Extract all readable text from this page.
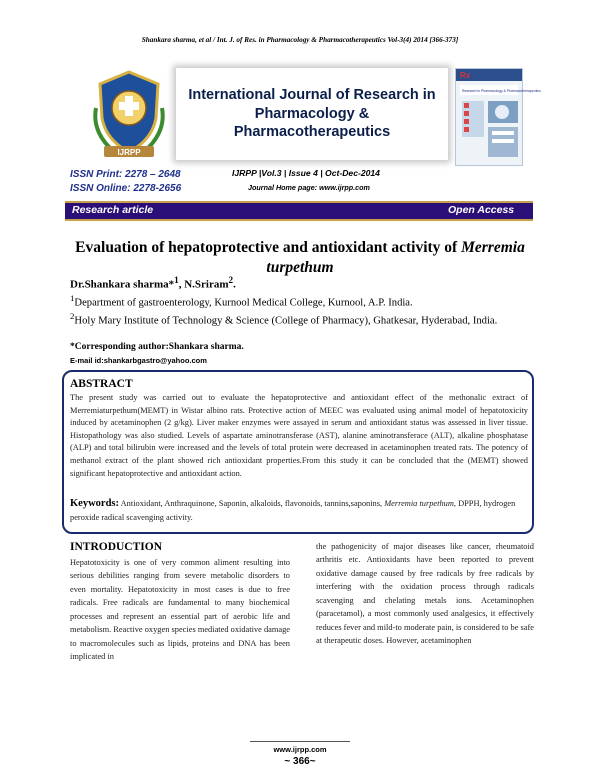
Shankara sharma, et al / Int. J. of Res. in Pharmacology & Pharmacotherapeutics Vol-3(4) 2014 [366-373]
IJRPP
International Journal of Research in Pharmacology & Pharmacotherapeutics
Rx
Research in Pharmacology & Pharmacotherapeutics
ISSN Print: 2278 – 2648
ISSN Online: 2278-2656
IJRPP |Vol.3 | Issue 4 | Oct-Dec-2014
Journal Home page: www.ijrpp.com
Research article	Open Access
Evaluation of hepatoprotective and antioxidant activity of Merremia turpethum
Dr.Shankara sharma*$^1$, N.Sriram$^2$.
$^1$Department of gastroenterology, Kurnool Medical College, Kurnool, A.P. India.
$^2$Holy Mary Institute of Technology & Science (College of Pharmacy), Ghatkesar, Hyderabad, India.
*Corresponding author:Shankara sharma.
E-mail id:shankarbgastro@yahoo.com
ABSTRACT
The present study was carried out to evaluate the hepatoprotective and antioxidant effect of the methonalic extract of Merremiaturpethum(MEMT) in Wistar albino rats. Protective action of MEEC was evaluated using animal model of hepatotoxicity induced by acetaminophen (2 g/kg). Liver maker enzymes were assayed in serum and antioxidant status was assessed in liver tissue. Histopathology was also studied. Levels of aspartate aminotransferase (AST), alanine aminotransferace (ALT), alkaline phosphatase (ALP) and total bilirubin were increased and the levels of total protein were decreased in acetaminophen treated rats. The potency of methanol extract of the plant showed rich antioxidant properties.From this study it can be concluded that the (MEMT) showed significant hepatoprotective and antioxidant action.
Keywords: Antioxidant, Anthraquinone, Saponin, alkaloids, flavonoids, tannins,saponins, Merremia turpethum, DPPH, hydrogen peroxide radical scavenging activity.
INTRODUCTION
Hepatotoxicity is one of very common aliment resulting into serious debilities ranging from severe metabolic disorders to even mortality. Hepatotoxicity in most cases is due to free radicals. Free radicals are fundamental to many biochemical processes and represent an essential part of aerobic life and metabolism. Reactive oxygen species mediated oxidative damage to macromolecules such as lipids, proteins and DNA has been implicated in
the pathogenicity of major diseases like cancer, rheumatoid arthritis etc. Antioxidants have been reported to prevent oxidative damage caused by free radicals by free radicals by interfering with the oxidation process through radicals scavenging and chelating metals ions. Acetaminophen (paracetamol), a most commonly used analgesics, it effectively reduces fever and mild-to moderate pain, is considered to be safe at therapeutic doses. However, acetaminophen
www.ijrpp.com
~ 366~
